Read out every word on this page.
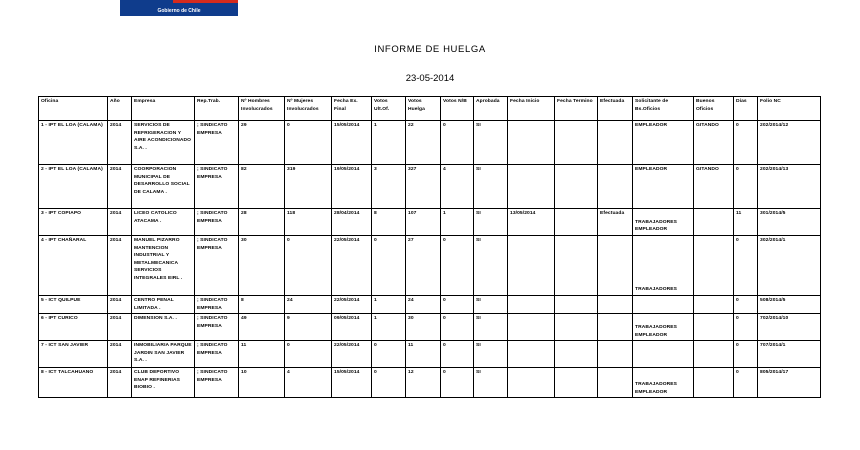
Gobierno de Chile
INFORME DE HUELGA
23-05-2014
Oficina	Año	Empresa	Rep.Trab.	Nº Hombres Involucrados	Nº Mujeres Involucrados	Fecha Ex. Final	Votos Ult.Of.	Votos Huelga	Votos N/B	Aprobada	Fecha Inicio	Fecha Termino	Efectuada	Solicitante de Bs.Oficios	Buenos Oficios	Días	Folio NC
1 - IPT EL LOA (CALAMA)	2014	SERVICIOS DE REFRIGERACION Y AIRE ACONDICIONADO S.A. .	; SINDICATO EMPRESA	29	0	15/05/2014	1	22	0	SI				EMPLEADOR	GITANDO	0	202/2014/12
2 - IPT EL LOA (CALAMA)	2014	COORPORACION MUNICIPAL DE DESARROLLO SOCIAL DE CALAMA .	; SINDICATO EMPRESA	82	319	19/05/2014	3	327	4	SI				EMPLEADOR	GITANDO	0	202/2014/13
3 - IPT COPIAPO	2014	LICEO CATOLICO ATACAMA .	; SINDICATO EMPRESA	28	118	28/04/2014	8	107	1	SI	13/05/2014		Efectuada	TRABAJADORES EMPLEADOR		11	301/2014/5
4 - IPT CHAÑARAL	2014	MANUEL PIZARRO MANTENCION INDUSTRIAL Y METALMECANICA SERVICIOS INTEGRALES EIRL .	; SINDICATO EMPRESA	30	0	22/05/2014	0	27	0	SI				TRABAJADORES		0	302/2014/1
5 - ICT QUILPUE	2014	CENTRO PENAL LIMITADA .	; SINDICATO EMPRESA	8	24	22/05/2014	1	24	0	SI						0	508/2014/5
6 - IPT CURICO	2014	DIMENSION S.A. .	; SINDICATO EMPRESA	49	9	09/05/2014	1	30	0	SI				TRABAJADORES EMPLEADOR		0	702/2014/10
7 - ICT SAN JAVIER	2014	INMOBILIARIA PARQUE JARDIN SAN JAVIER S.A. .	; SINDICATO EMPRESA	11	0	22/05/2014	0	11	0	SI						0	707/2014/1
8 - ICT TALCAHUANO	2014	CLUB DEPORTIVO ENAP REFINERIAS BIOBIO .	; SINDICATO EMPRESA	10	4	15/05/2014	0	12	0	SI				TRABAJADORES EMPLEADOR		0	805/2014/17
